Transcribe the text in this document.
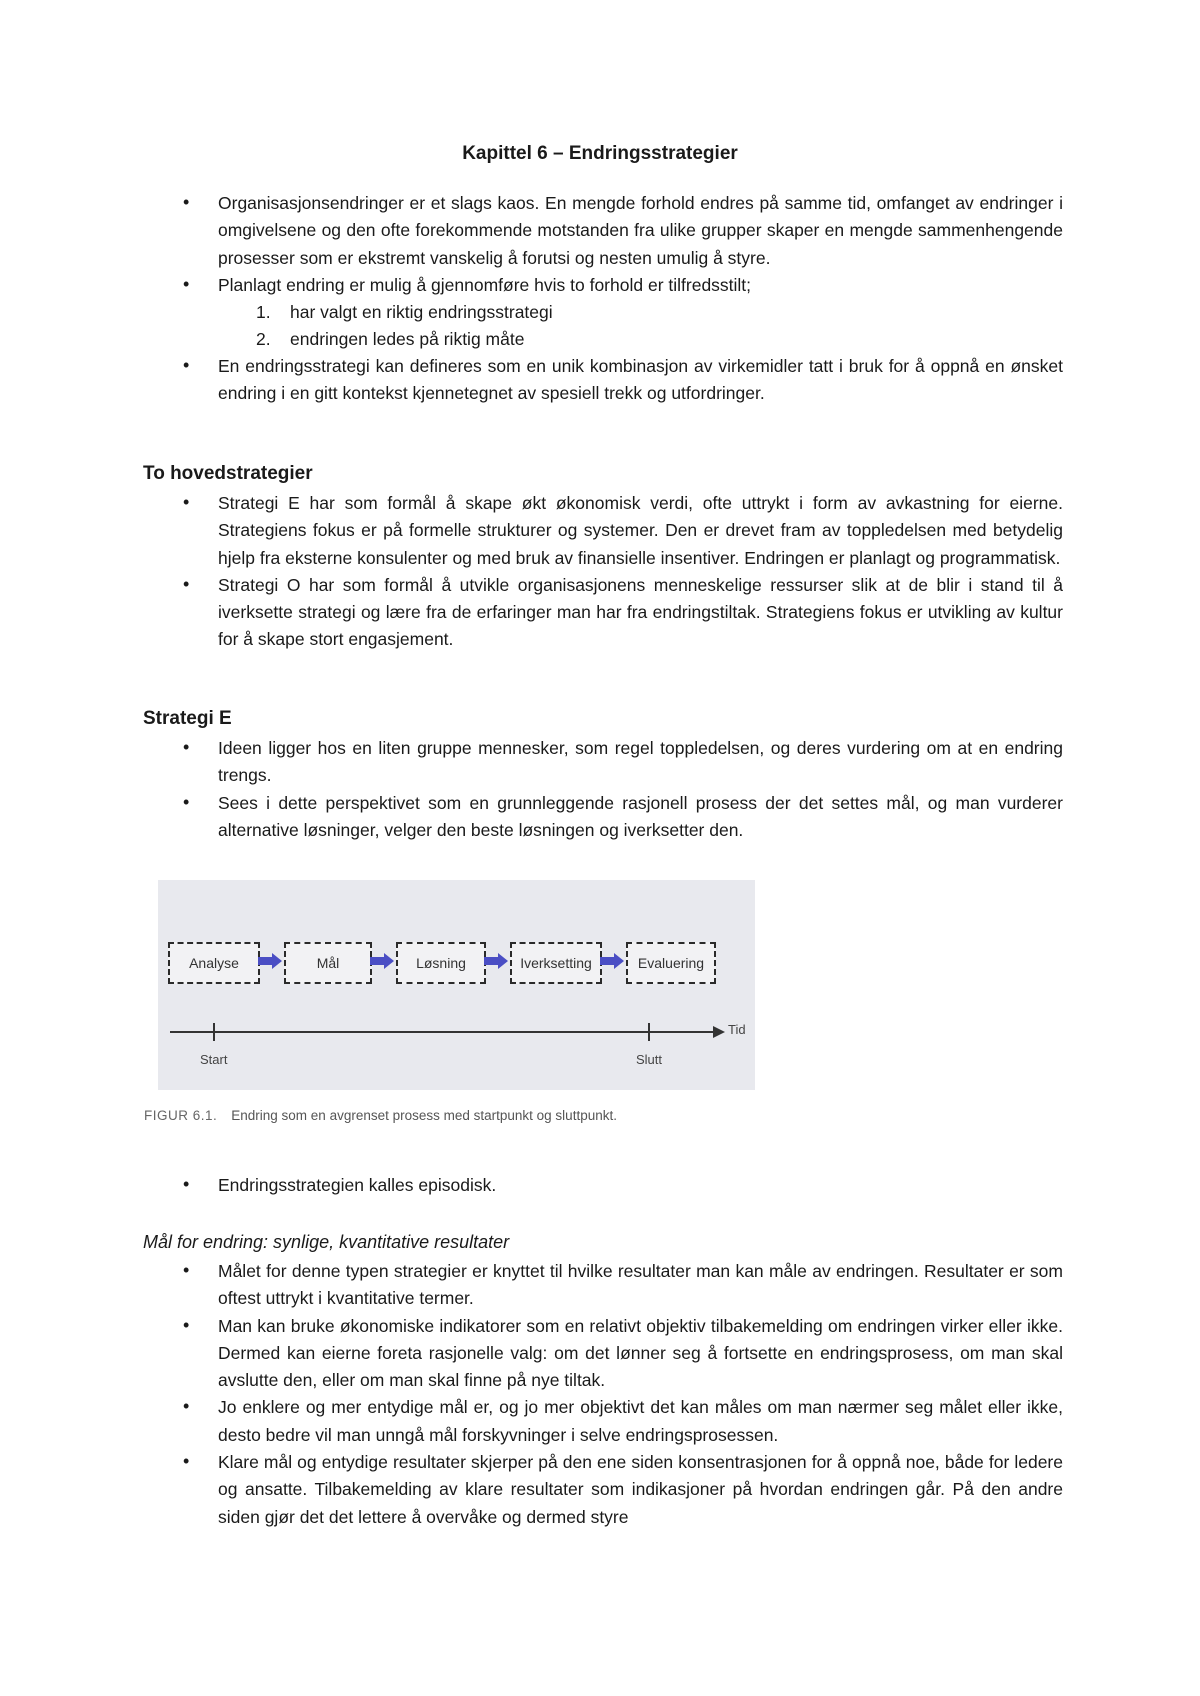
Kapittel 6 – Endringsstrategier
• Organisasjonsendringer er et slags kaos. En mengde forhold endres på samme tid, omfanget av endringer i omgivelsene og den ofte forekommende motstanden fra ulike grupper skaper en mengde sammenhengende prosesser som er ekstremt vanskelig å forutsi og nesten umulig å styre.
• Planlagt endring er mulig å gjennomføre hvis to forhold er tilfredsstilt;
1. har valgt en riktig endringsstrategi
2. endringen ledes på riktig måte
• En endringsstrategi kan defineres som en unik kombinasjon av virkemidler tatt i bruk for å oppnå en ønsket endring i en gitt kontekst kjennetegnet av spesiell trekk og utfordringer.
To hovedstrategier
• Strategi E har som formål å skape økt økonomisk verdi, ofte uttrykt i form av avkastning for eierne. Strategiens fokus er på formelle strukturer og systemer. Den er drevet fram av toppledelsen med betydelig hjelp fra eksterne konsulenter og med bruk av finansielle insentiver. Endringen er planlagt og programmatisk.
• Strategi O har som formål å utvikle organisasjonens menneskelige ressurser slik at de blir i stand til å iverksette strategi og lære fra de erfaringer man har fra endringstiltak. Strategiens fokus er utvikling av kultur for å skape stort engasjement.
Strategi E
• Ideen ligger hos en liten gruppe mennesker, som regel toppledelsen, og deres vurdering om at en endring trengs.
• Sees i dette perspektivet som en grunnleggende rasjonell prosess der det settes mål, og man vurderer alternative løsninger, velger den beste løsningen og iverksetter den.
Analyse	Mål	Løsning	Iverksetting	Evaluering
Tid
Start	Slutt
FIGUR 6.1. Endring som en avgrenset prosess med startpunkt og sluttpunkt.
• Endringsstrategien kalles episodisk.
Mål for endring: synlige, kvantitative resultater
• Målet for denne typen strategier er knyttet til hvilke resultater man kan måle av endringen. Resultater er som oftest uttrykt i kvantitative termer.
• Man kan bruke økonomiske indikatorer som en relativt objektiv tilbakemelding om endringen virker eller ikke. Dermed kan eierne foreta rasjonelle valg: om det lønner seg å fortsette en endringsprosess, om man skal avslutte den, eller om man skal finne på nye tiltak.
• Jo enklere og mer entydige mål er, og jo mer objektivt det kan måles om man nærmer seg målet eller ikke, desto bedre vil man unngå mål forskyvninger i selve endringsprosessen.
• Klare mål og entydige resultater skjerper på den ene siden konsentrasjonen for å oppnå noe, både for ledere og ansatte. Tilbakemelding av klare resultater som indikasjoner på hvordan endringen går. På den andre siden gjør det det lettere å overvåke og dermed styre
